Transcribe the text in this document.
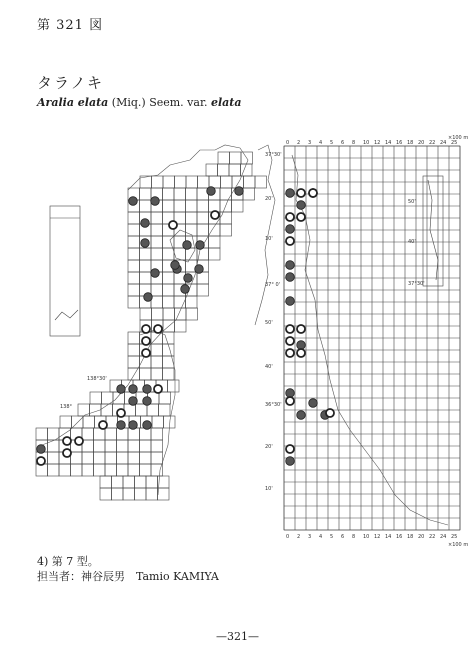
第 321 図
タラノキ
Aralia elata (Miq.) Seem. var. elata
0 2 3 4 5 6 8 10 12 14 16 18 20 22 24 25
0 2 3 4 5 6 8 10 12 14 16 18 20 22 24 25
×100 m
×100 m
37°30'
20'
10'
37° 0'
50'
40'
36°30'
20'
10'
50'
40'
37°30'
138°30'
138°
4) 第 7 型。
担当者：神谷辰男　Tamio KAMIYA
—321—
